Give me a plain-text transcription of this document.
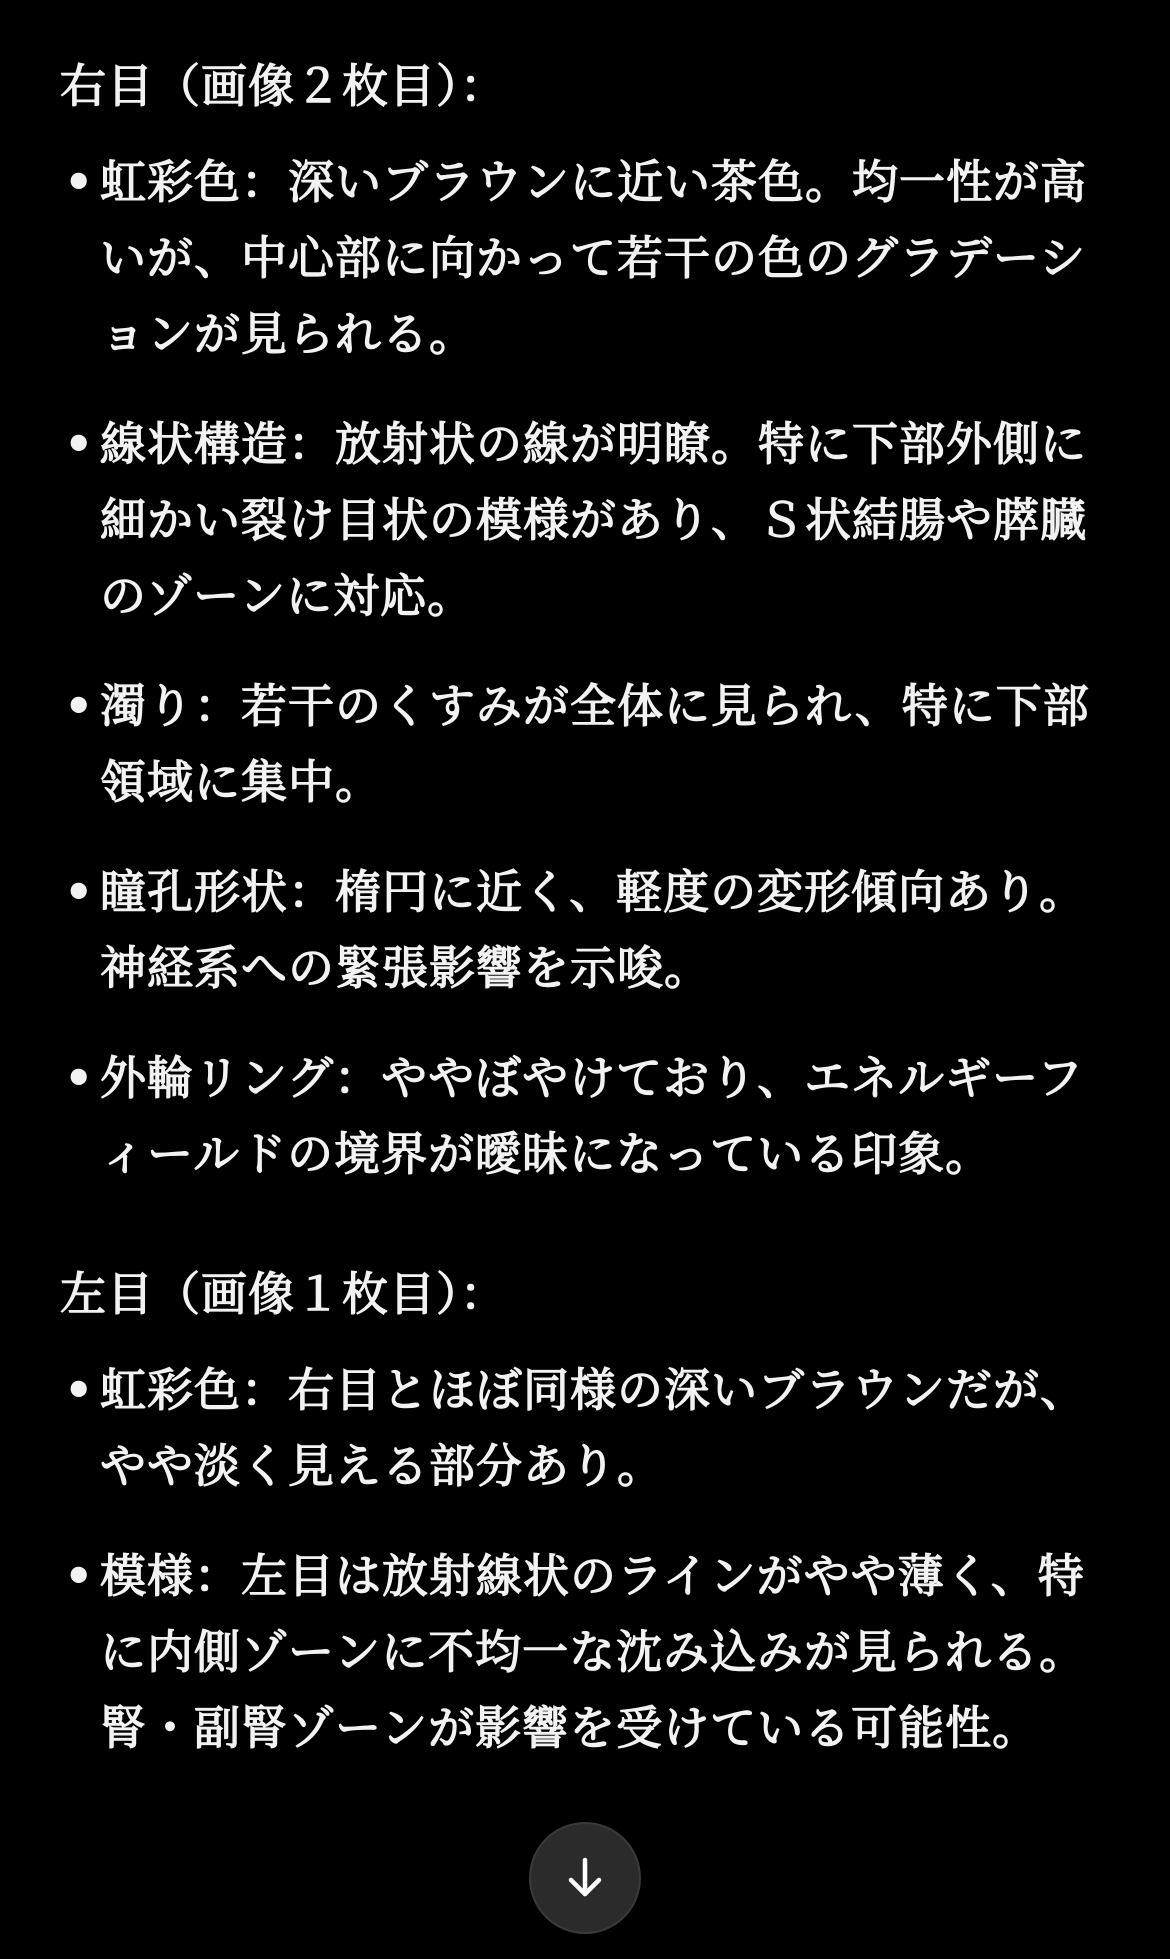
右目（画像２枚目）：
• 虹彩色：深いブラウンに近い茶色。均一性が高いが、中心部に向かって若干の色のグラデーションが見られる。
• 線状構造：放射状の線が明瞭。特に下部外側に細かい裂け目状の模様があり、Ｓ状結腸や膵臓のゾーンに対応。
• 濁り：若干のくすみが全体に見られ、特に下部領域に集中。
• 瞳孔形状：楕円に近く、軽度の変形傾向あり。神経系への緊張影響を示唆。
• 外輪リング：ややぼやけており、エネルギーフィールドの境界が曖昧になっている印象。
左目（画像１枚目）：
• 虹彩色：右目とほぼ同様の深いブラウンだが、やや淡く見える部分あり。
• 模様：左目は放射線状のラインがやや薄く、特に内側ゾーンに不均一な沈み込みが見られる。腎・副腎ゾーンが影響を受けている可能性。
